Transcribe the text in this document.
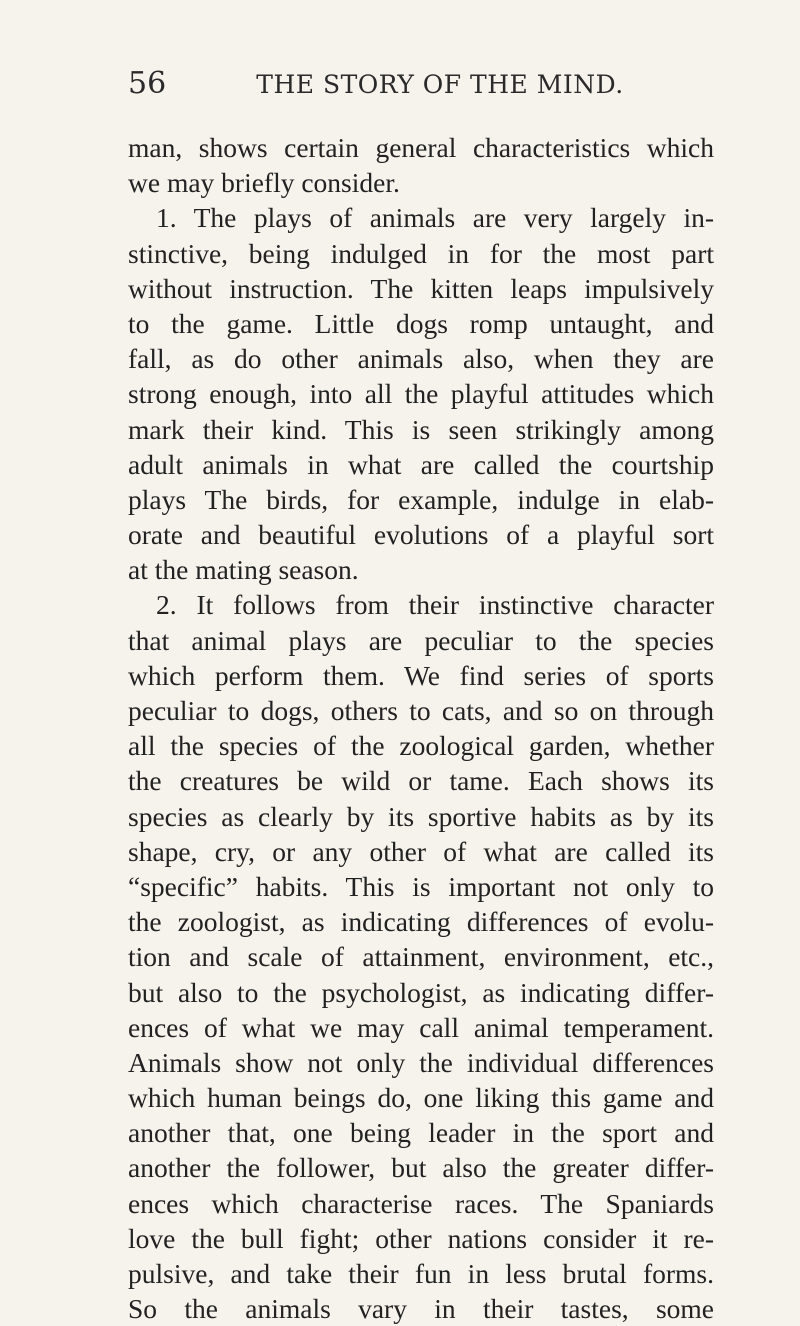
56	THE STORY OF THE MIND.
man, shows certain general characteristics which
we may briefly consider.
1. The plays of animals are very largely in-
stinctive, being indulged in for the most part
without instruction. The kitten leaps impulsively
to the game. Little dogs romp untaught, and
fall, as do other animals also, when they are
strong enough, into all the playful attitudes which
mark their kind. This is seen strikingly among
adult animals in what are called the courtship
plays The birds, for example, indulge in elab-
orate and beautiful evolutions of a playful sort
at the mating season.
2. It follows from their instinctive character
that animal plays are peculiar to the species
which perform them. We find series of sports
peculiar to dogs, others to cats, and so on through
all the species of the zoological garden, whether
the creatures be wild or tame. Each shows its
species as clearly by its sportive habits as by its
shape, cry, or any other of what are called its
“specific” habits. This is important not only to
the zoologist, as indicating differences of evolu-
tion and scale of attainment, environment, etc.,
but also to the psychologist, as indicating differ-
ences of what we may call animal temperament.
Animals show not only the individual differences
which human beings do, one liking this game and
another that, one being leader in the sport and
another the follower, but also the greater differ-
ences which characterise races. The Spaniards
love the bull fight; other nations consider it re-
pulsive, and take their fun in less brutal forms.
So the animals vary in their tastes, some
